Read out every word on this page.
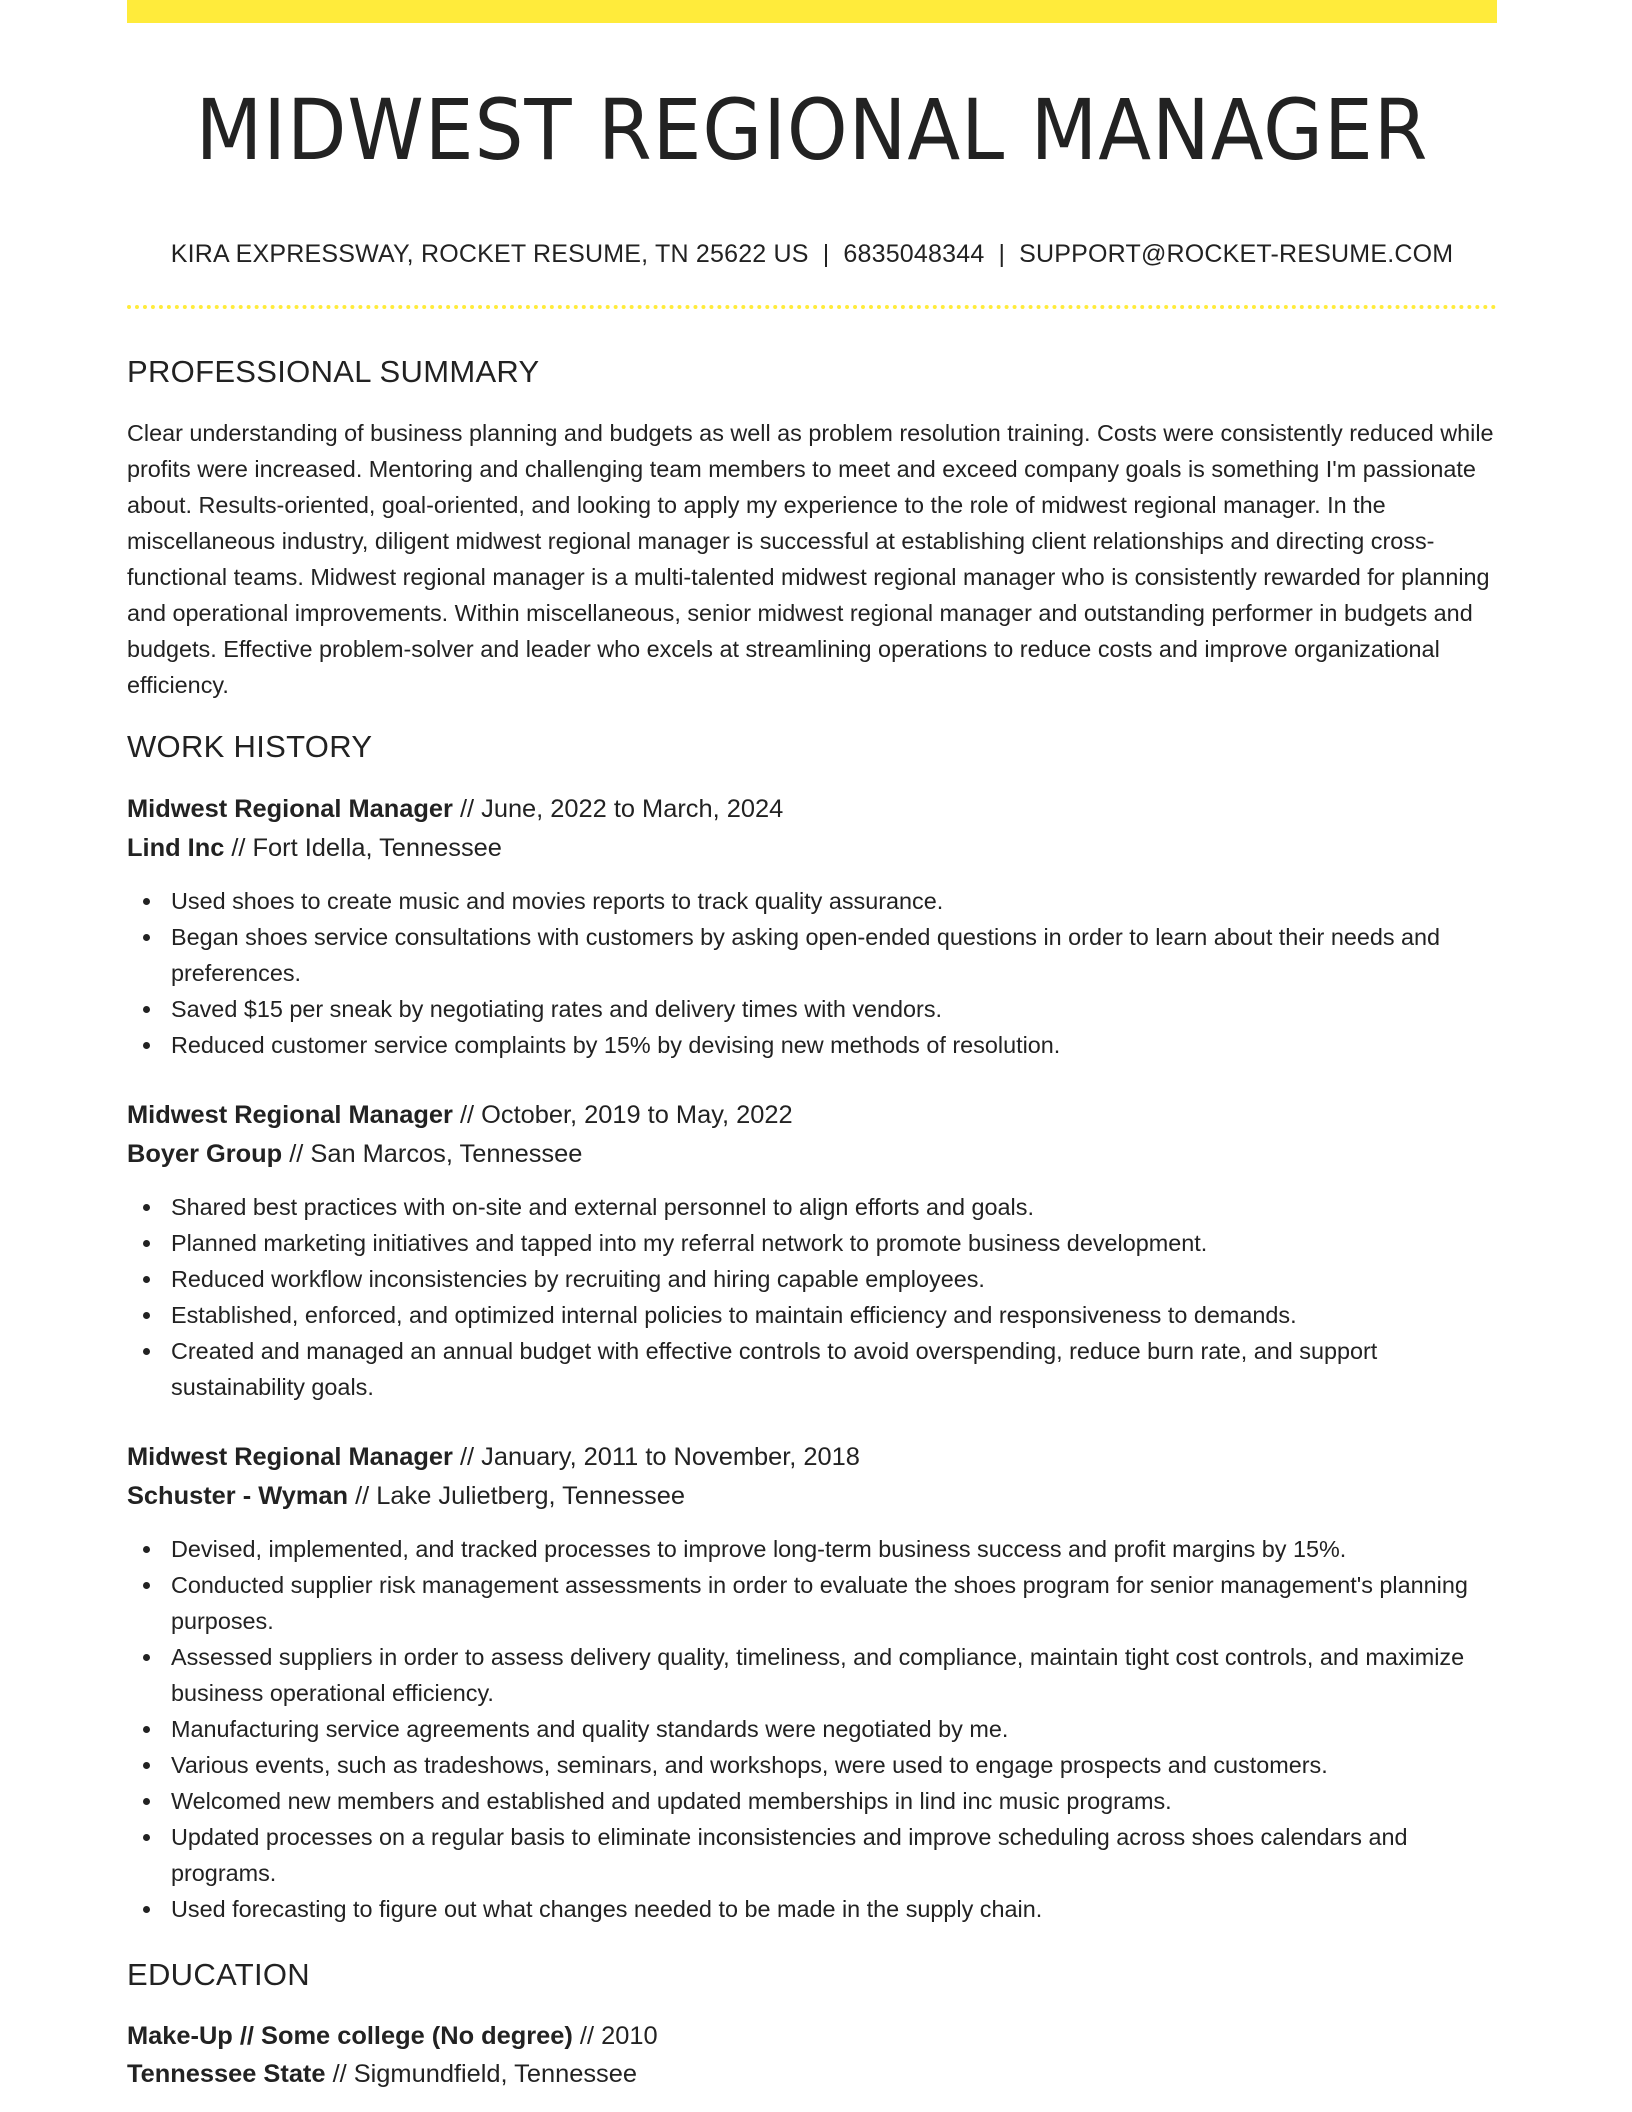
MIDWEST REGIONAL MANAGER
KIRA EXPRESSWAY, ROCKET RESUME, TN 25622 US | 6835048344 | SUPPORT@ROCKET-RESUME.COM
PROFESSIONAL SUMMARY

Clear understanding of business planning and budgets as well as problem resolution training. Costs were consistently reduced while profits were increased. Mentoring and challenging team members to meet and exceed company goals is something I'm passionate about. Results-oriented, goal-oriented, and looking to apply my experience to the role of midwest regional manager. In the miscellaneous industry, diligent midwest regional manager is successful at establishing client relationships and directing cross-functional teams. Midwest regional manager is a multi-talented midwest regional manager who is consistently rewarded for planning and operational improvements. Within miscellaneous, senior midwest regional manager and outstanding performer in budgets and budgets. Effective problem-solver and leader who excels at streamlining operations to reduce costs and improve organizational efficiency.

WORK HISTORY
Midwest Regional Manager // June, 2022 to March, 2024
Lind Inc // Fort Idella, Tennessee
Used shoes to create music and movies reports to track quality assurance.
Began shoes service consultations with customers by asking open-ended questions in order to learn about their needs and preferences.
Saved $15 per sneak by negotiating rates and delivery times with vendors.
Reduced customer service complaints by 15% by devising new methods of resolution.
Midwest Regional Manager // October, 2019 to May, 2022
Boyer Group // San Marcos, Tennessee
Shared best practices with on-site and external personnel to align efforts and goals.
Planned marketing initiatives and tapped into my referral network to promote business development.
Reduced workflow inconsistencies by recruiting and hiring capable employees.
Established, enforced, and optimized internal policies to maintain efficiency and responsiveness to demands.
Created and managed an annual budget with effective controls to avoid overspending, reduce burn rate, and support sustainability goals.
Midwest Regional Manager // January, 2011 to November, 2018
Schuster - Wyman // Lake Julietberg, Tennessee
Devised, implemented, and tracked processes to improve long-term business success and profit margins by 15%.
Conducted supplier risk management assessments in order to evaluate the shoes program for senior management's planning purposes.
Assessed suppliers in order to assess delivery quality, timeliness, and compliance, maintain tight cost controls, and maximize business operational efficiency.
Manufacturing service agreements and quality standards were negotiated by me.
Various events, such as tradeshows, seminars, and workshops, were used to engage prospects and customers.
Welcomed new members and established and updated memberships in lind inc music programs.
Updated processes on a regular basis to eliminate inconsistencies and improve scheduling across shoes calendars and programs.
Used forecasting to figure out what changes needed to be made in the supply chain.
EDUCATION
Make-Up // Some college (No degree) // 2010
Tennessee State // Sigmundfield, Tennessee
